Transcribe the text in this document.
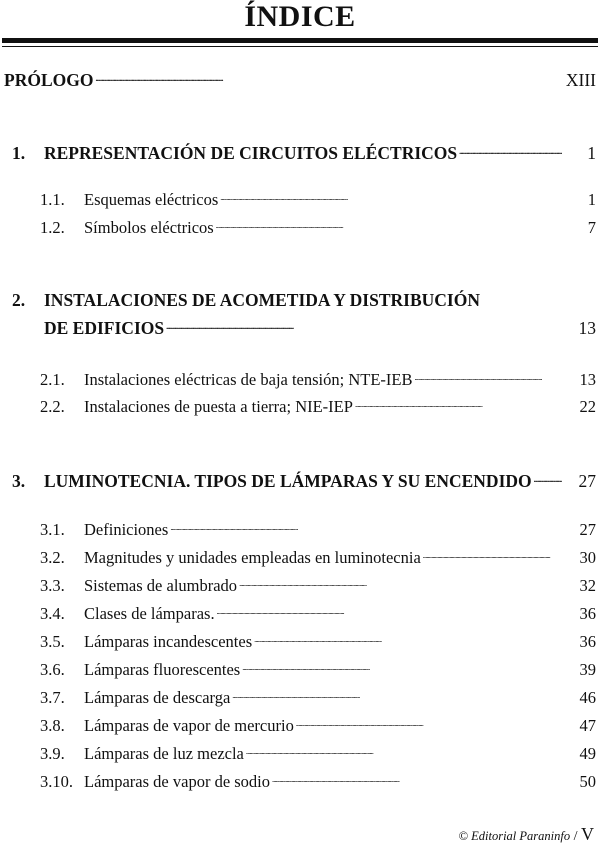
ÍNDICE
PRÓLOGO . . .	XIII
1.	REPRESENTACIÓN DE CIRCUITOS ELÉCTRICOS . . .	1
1.1.	Esquemas eléctricos . . .	1
1.2.	Símbolos eléctricos . . .	7
2. INSTALACIONES DE ACOMETIDA Y DISTRIBUCIÓN
DE EDIFICIOS . . .	13
2.1.	Instalaciones eléctricas de baja tensión; NTE-IEB . . .	13
2.2.	Instalaciones de puesta a tierra; NIE-IEP . . .	22
3.	LUMINOTECNIA. TIPOS DE LÁMPARAS Y SU ENCENDIDO . . .	27
3.1.	Definiciones . . .	27
3.2.	Magnitudes y unidades empleadas en luminotecnia . . .	30
3.3.	Sistemas de alumbrado . . .	32
3.4.	Clases de lámparas. . . .	36
3.5.	Lámparas incandescentes . . .	36
3.6.	Lámparas fluorescentes . . .	39
3.7.	Lámparas de descarga . . .	46
3.8.	Lámparas de vapor de mercurio . . .	47
3.9.	Lámparas de luz mezcla . . .	49
3.10. Lámparas de vapor de sodio . . .	50
© Editorial Paraninfo / V
